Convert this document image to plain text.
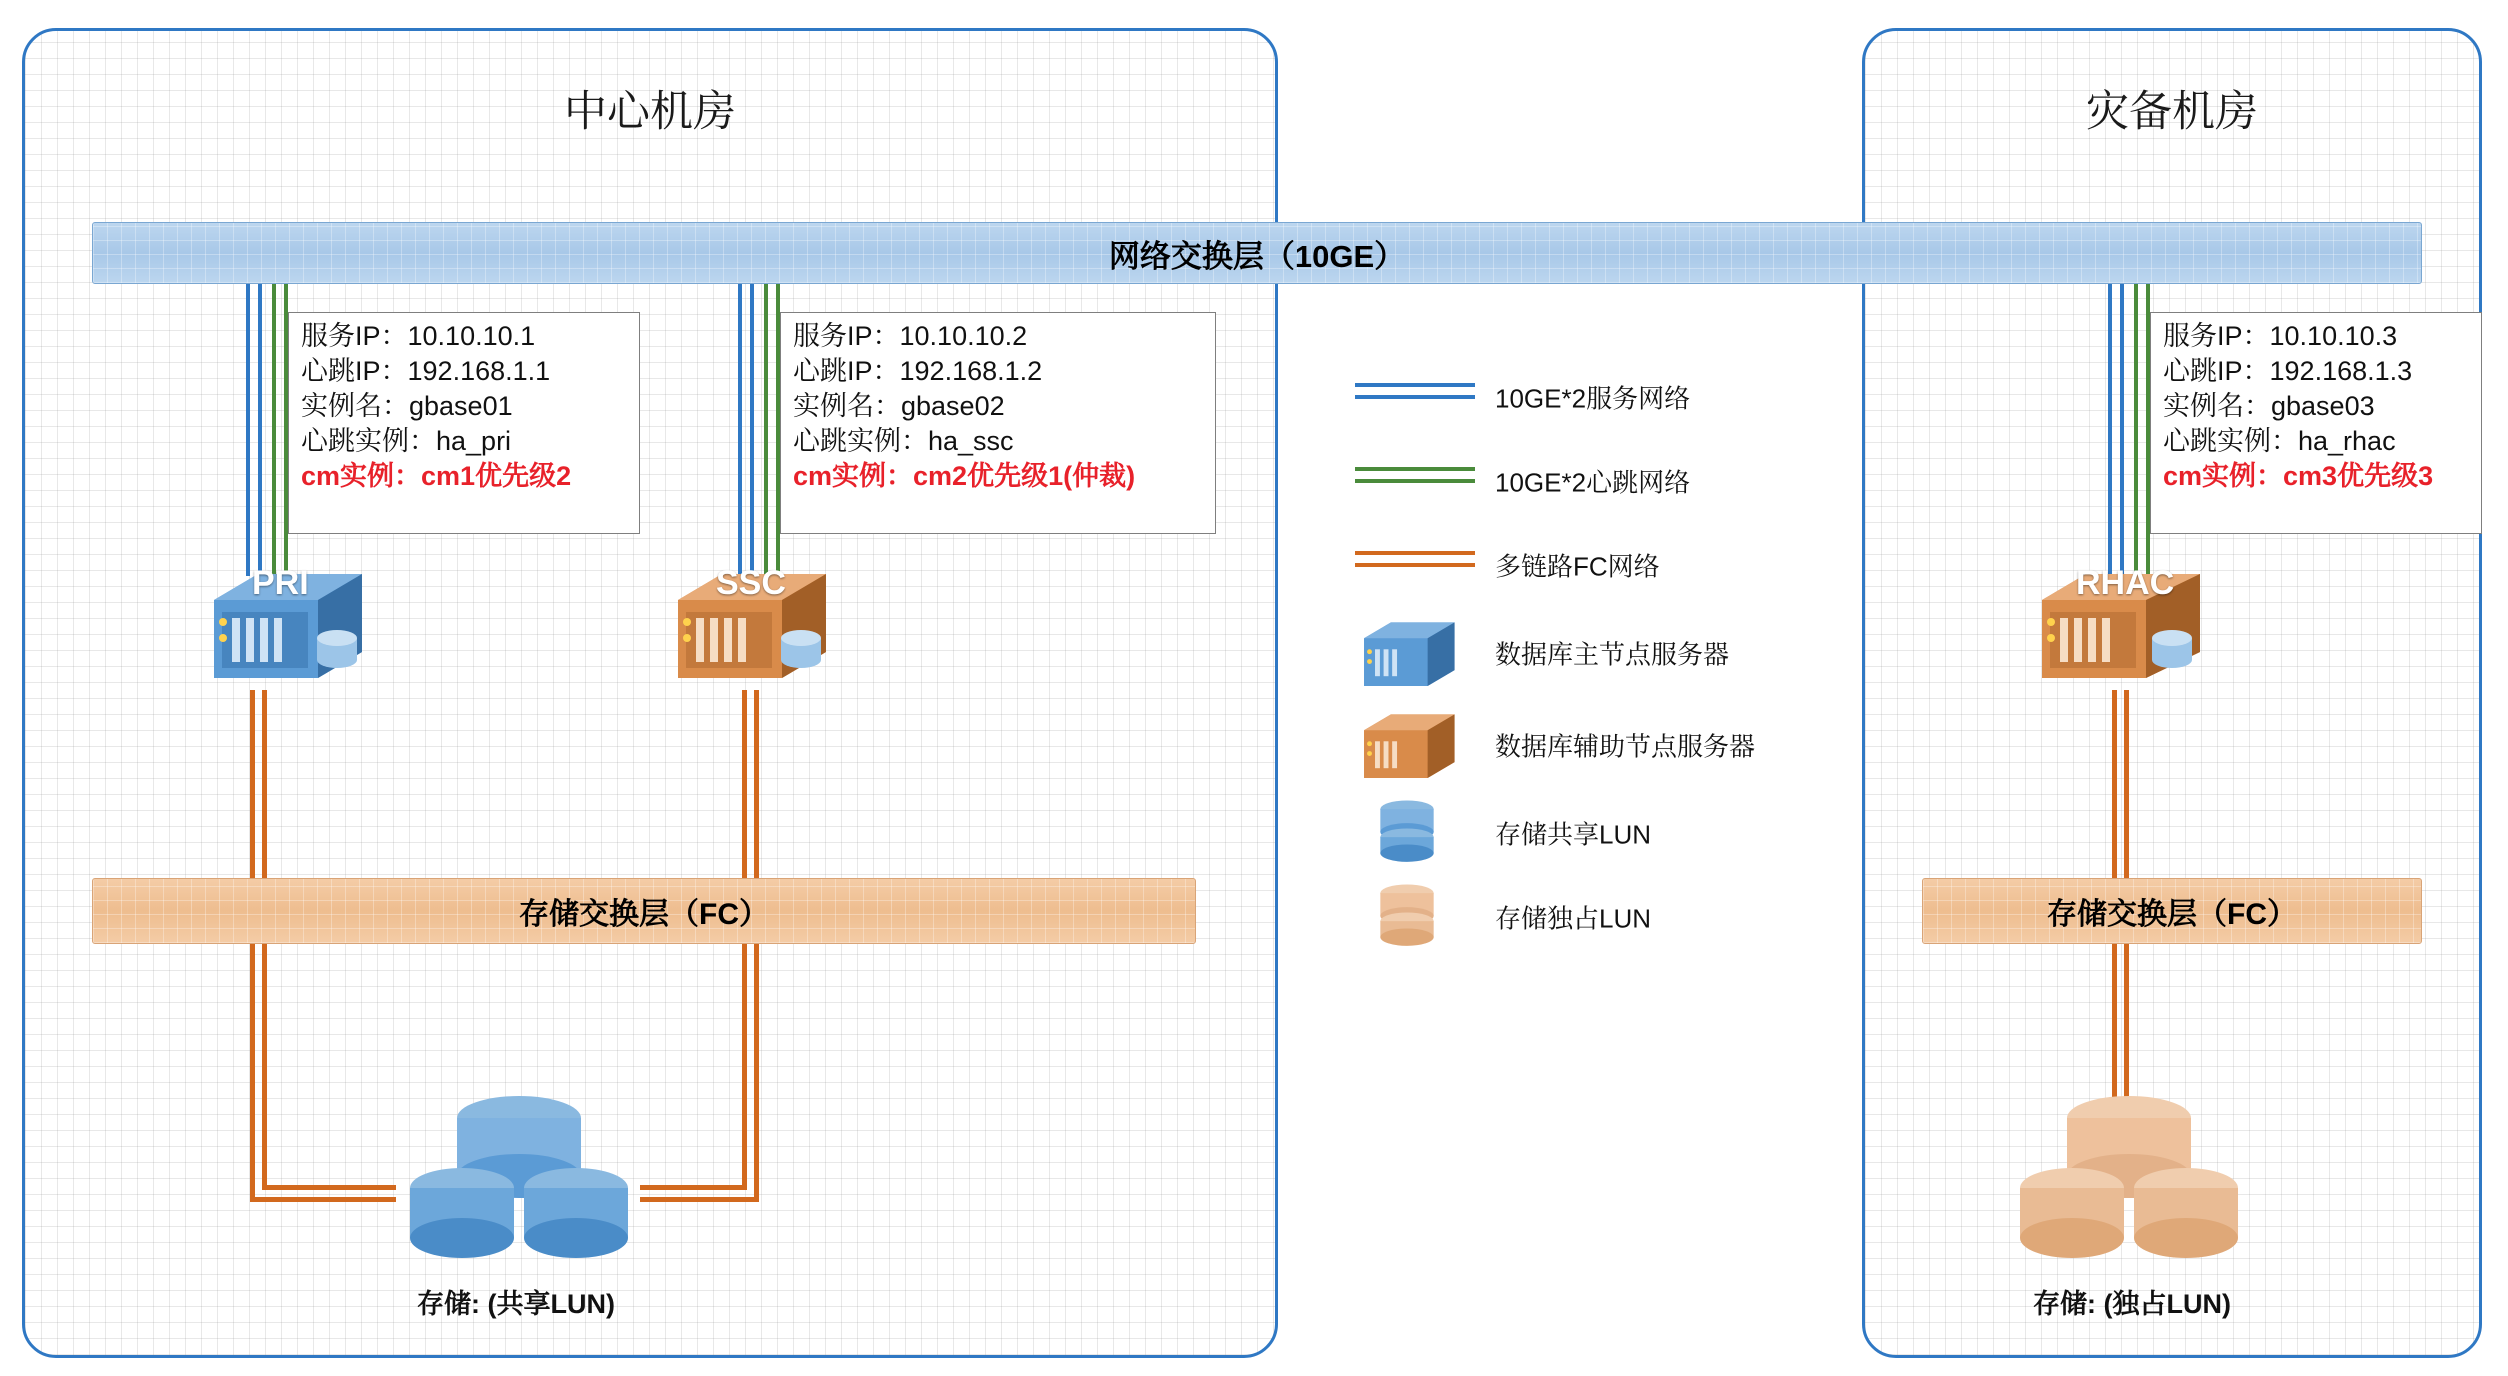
中心机房	灾备机房
网络交换层（10GE）
服务IP：10.10.10.1
心跳IP：192.168.1.1
实例名：gbase01
心跳实例：ha_pri
cm实例：cm1优先级2
服务IP：10.10.10.2
心跳IP：192.168.1.2
实例名：gbase02
心跳实例：ha_ssc
cm实例：cm2优先级1(仲裁)
服务IP：10.10.10.3
心跳IP：192.168.1.3
实例名：gbase03
心跳实例：ha_rhac
cm实例：cm3优先级3
存储交换层（FC）	存储交换层（FC）
PRI	SSC	RHAC
存储: (共享LUN)	存储: (独占LUN)
10GE*2服务网络
10GE*2心跳网络
多链路FC网络
数据库主节点服务器
数据库辅助节点服务器
存储共享LUN
存储独占LUN
